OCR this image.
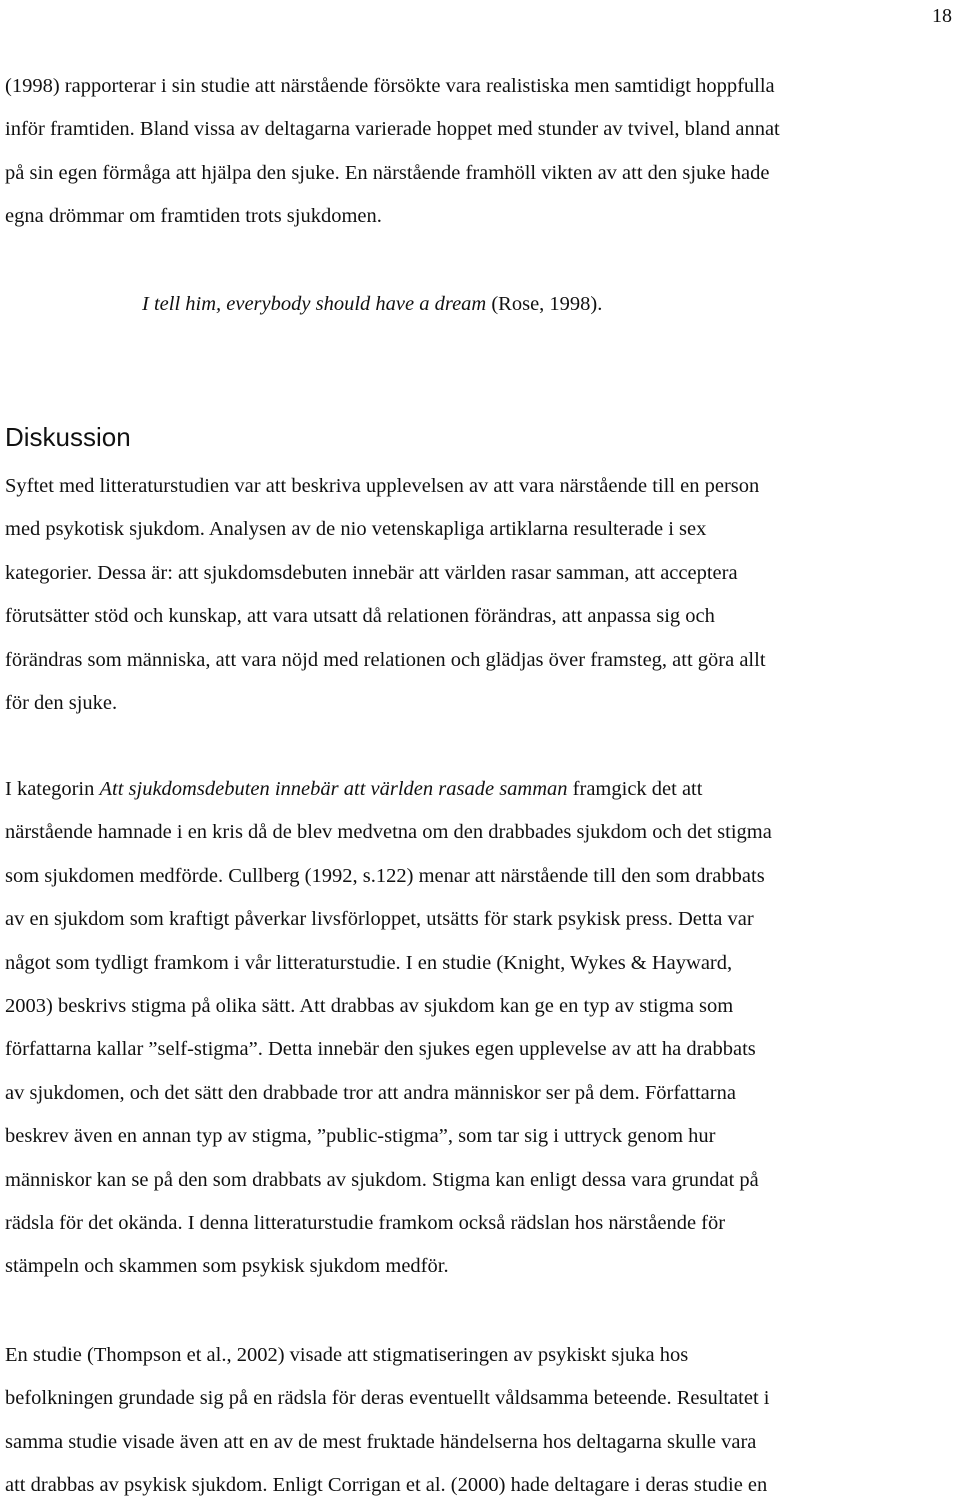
18

(1998) rapporterar i sin studie att närstående försökte vara realistiska men samtidigt hoppfulla
inför framtiden. Bland vissa av deltagarna varierade hoppet med stunder av tvivel, bland annat
på sin egen förmåga att hjälpa den sjuke. En närstående framhöll vikten av att den sjuke hade
egna drömmar om framtiden trots sjukdomen.

I tell him, everybody should have a dream (Rose, 1998).

Diskussion

Syftet med litteraturstudien var att beskriva upplevelsen av att vara närstående till en person
med psykotisk sjukdom. Analysen av de nio vetenskapliga artiklarna resulterade i sex
kategorier. Dessa är: att sjukdomsdebuten innebär att världen rasar samman, att acceptera
förutsätter stöd och kunskap, att vara utsatt då relationen förändras, att anpassa sig och
förändras som människa, att vara nöjd med relationen och glädjas över framsteg, att göra allt
för den sjuke.

I kategorin Att sjukdomsdebuten innebär att världen rasade samman framgick det att
närstående hamnade i en kris då de blev medvetna om den drabbades sjukdom och det stigma
som sjukdomen medförde. Cullberg (1992, s.122) menar att närstående till den som drabbats
av en sjukdom som kraftigt påverkar livsförloppet, utsätts för stark psykisk press. Detta var
något som tydligt framkom i vår litteraturstudie. I en studie (Knight, Wykes & Hayward,
2003) beskrivs stigma på olika sätt. Att drabbas av sjukdom kan ge en typ av stigma som
författarna kallar ”self-stigma”. Detta innebär den sjukes egen upplevelse av att ha drabbats
av sjukdomen, och det sätt den drabbade tror att andra människor ser på dem. Författarna
beskrev även en annan typ av stigma, ”public-stigma”, som tar sig i uttryck genom hur
människor kan se på den som drabbats av sjukdom. Stigma kan enligt dessa vara grundat på
rädsla för det okända. I denna litteraturstudie framkom också rädslan hos närstående för
stämpeln och skammen som psykisk sjukdom medför.

En studie (Thompson et al., 2002) visade att stigmatiseringen av psykiskt sjuka hos
befolkningen grundade sig på en rädsla för deras eventuellt våldsamma beteende. Resultatet i
samma studie visade även att en av de mest fruktade händelserna hos deltagarna skulle vara
att drabbas av psykisk sjukdom. Enligt Corrigan et al. (2000) hade deltagare i deras studie en
